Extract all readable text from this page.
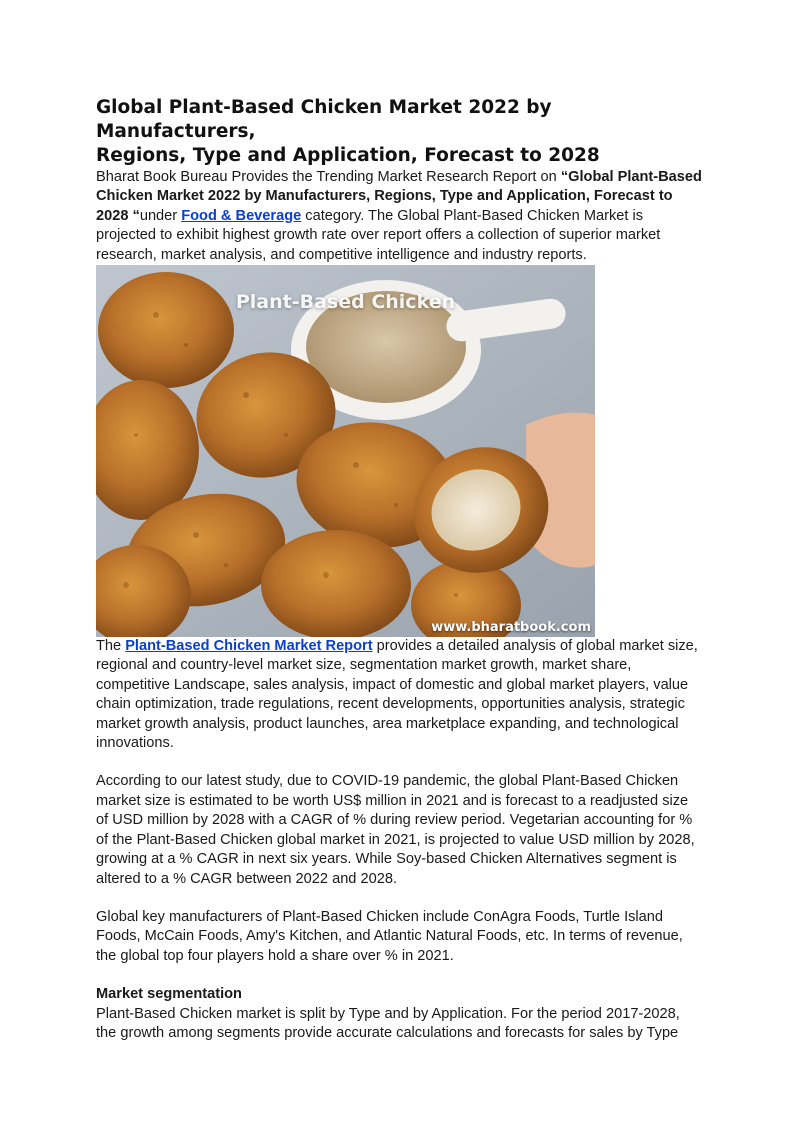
Global Plant-Based Chicken Market 2022 by Manufacturers,
Regions, Type and Application, Forecast to 2028

Bharat Book Bureau Provides the Trending Market Research Report on “Global Plant-Based Chicken Market 2022 by Manufacturers, Regions, Type and Application, Forecast to 2028 “under Food & Beverage category. The Global Plant-Based Chicken Market is projected to exhibit highest growth rate over report offers a collection of superior market research, market analysis, and competitive intelligence and industry reports.

Plant-Based Chicken
www.bharatbook.com

The Plant-Based Chicken Market Report provides a detailed analysis of global market size, regional and country-level market size, segmentation market growth, market share, competitive Landscape, sales analysis, impact of domestic and global market players, value chain optimization, trade regulations, recent developments, opportunities analysis, strategic market growth analysis, product launches, area marketplace expanding, and technological innovations.

According to our latest study, due to COVID-19 pandemic, the global Plant-Based Chicken market size is estimated to be worth US$ million in 2021 and is forecast to a readjusted size of USD million by 2028 with a CAGR of % during review period. Vegetarian accounting for % of the Plant-Based Chicken global market in 2021, is projected to value USD million by 2028, growing at a % CAGR in next six years. While Soy-based Chicken Alternatives segment is altered to a % CAGR between 2022 and 2028.

Global key manufacturers of Plant-Based Chicken include ConAgra Foods, Turtle Island Foods, McCain Foods, Amy's Kitchen, and Atlantic Natural Foods, etc. In terms of revenue, the global top four players hold a share over % in 2021.

Market segmentation

Plant-Based Chicken market is split by Type and by Application. For the period 2017-2028, the growth among segments provide accurate calculations and forecasts for sales by Type
